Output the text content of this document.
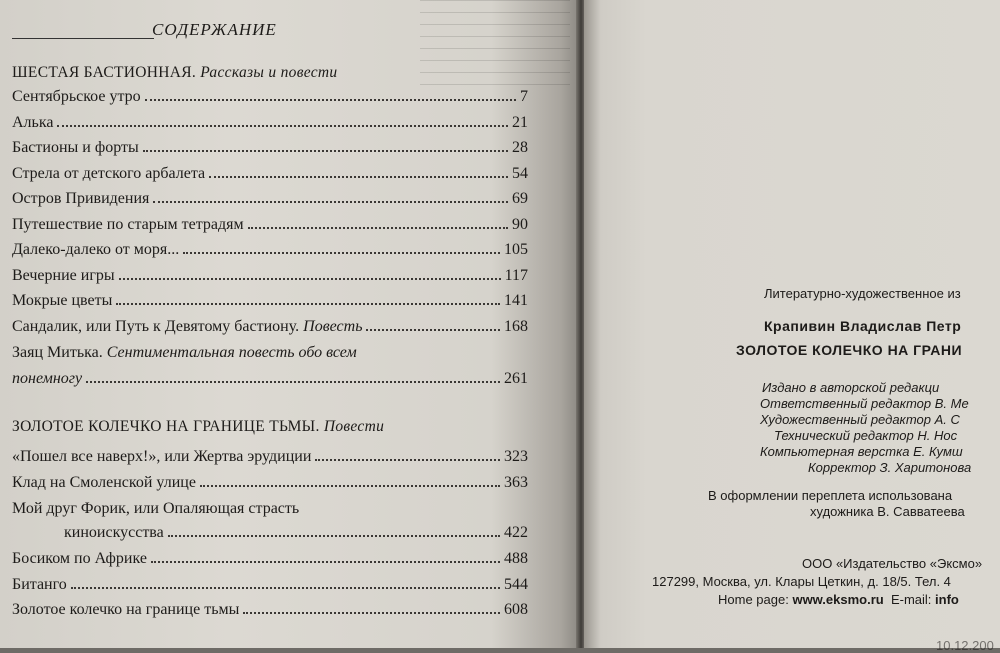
СОДЕРЖАНИЕ
ШЕСТАЯ БАСТИОННАЯ. Рассказы и повести
Сентябрьское утро	7
Алька	21
Бастионы и форты	28
Стрела от детского арбалета	54
Остров Привидения	69
Путешествие по старым тетрадям	90
Далеко-далеко от моря...	105
Вечерние игры	117
Мокрые цветы	141
Сандалик, или Путь к Девятому бастиону. Повесть	168
Заяц Митька. Сентиментальная повесть обо всем
понемногу	261
ЗОЛОТОЕ КОЛЕЧКО НА ГРАНИЦЕ ТЬМЫ. Повести
«Пошел все наверх!», или Жертва эрудиции	323
Клад на Смоленской улице	363
Мой друг Форик, или Опаляющая страсть
киноискусства	422
Босиком по Африке	488
Битанго	544
Золотое колечко на границе тьмы	608
Литературно-художественное из
Крапивин Владислав Петр
ЗОЛОТОЕ КОЛЕЧКО НА ГРАНИ
Издано в авторской редакци
Ответственный редактор В. Ме
Художественный редактор А. С
Технический редактор Н. Нос
Компьютерная верстка Е. Кумш
Корректор З. Харитонова
В оформлении переплета использована
художника В. Савватеева
ООО «Издательство «Эксмо»
127299, Москва, ул. Клары Цеткин, д. 18/5. Тел. 4
Home page: www.eksmo.ru E-mail: info
10.12.200
